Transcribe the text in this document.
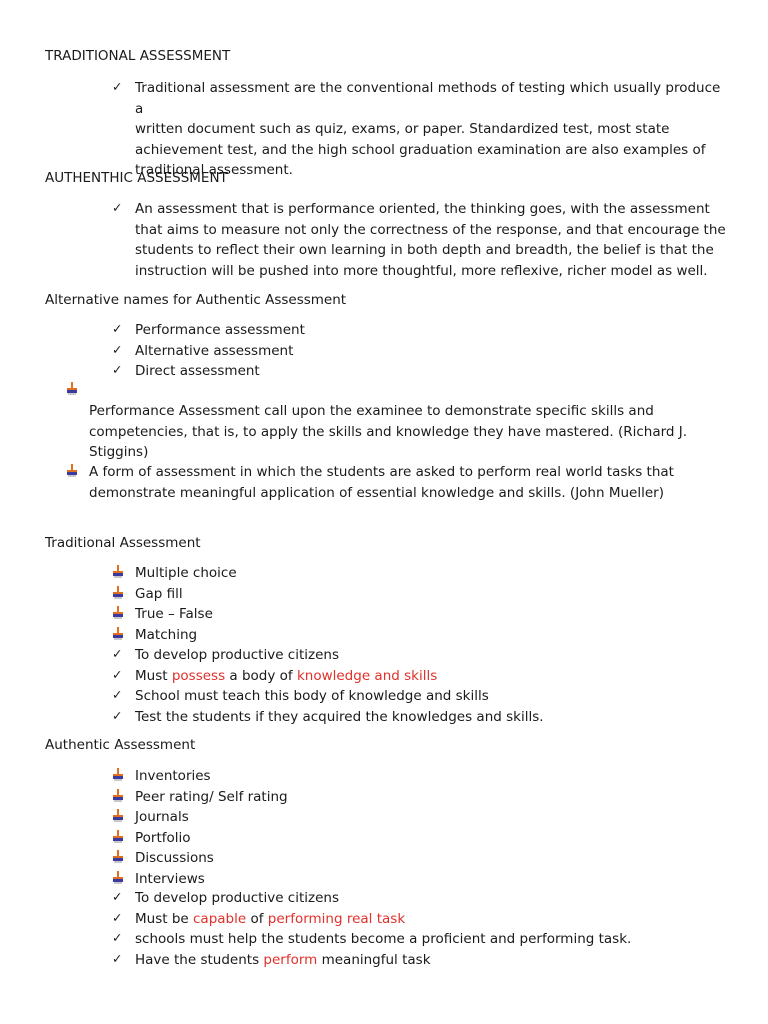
TRADITIONAL ASSESSMENT
✓ Traditional assessment are the conventional methods of testing which usually produce a
written document such as quiz, exams, or paper. Standardized test, most state
achievement test, and the high school graduation examination are also examples of
traditional assessment.
AUTHENTHIC ASSESSMENT
✓ An assessment that is performance oriented, the thinking goes, with the assessment
that aims to measure not only the correctness of the response, and that encourage the
students to reflect their own learning in both depth and breadth, the belief is that the
instruction will be pushed into more thoughtful, more reflexive, richer model as well.
Alternative names for Authentic Assessment
✓ Performance assessment
✓ Alternative assessment
✓ Direct assessment
Performance Assessment call upon the examinee to demonstrate specific skills and
competencies, that is, to apply the skills and knowledge they have mastered. (Richard J.
Stiggins)
A form of assessment in which the students are asked to perform real world tasks that
demonstrate meaningful application of essential knowledge and skills. (John Mueller)
Traditional Assessment
Multiple choice
Gap fill
True – False
Matching
✓ To develop productive citizens
✓ Must possess a body of knowledge and skills
✓ School must teach this body of knowledge and skills
✓ Test the students if they acquired the knowledges and skills.
Authentic Assessment
Inventories
Peer rating/ Self rating
Journals
Portfolio
Discussions
Interviews
✓ To develop productive citizens
✓ Must be capable of performing real task
✓ schools must help the students become a proficient and performing task.
✓ Have the students perform meaningful task
